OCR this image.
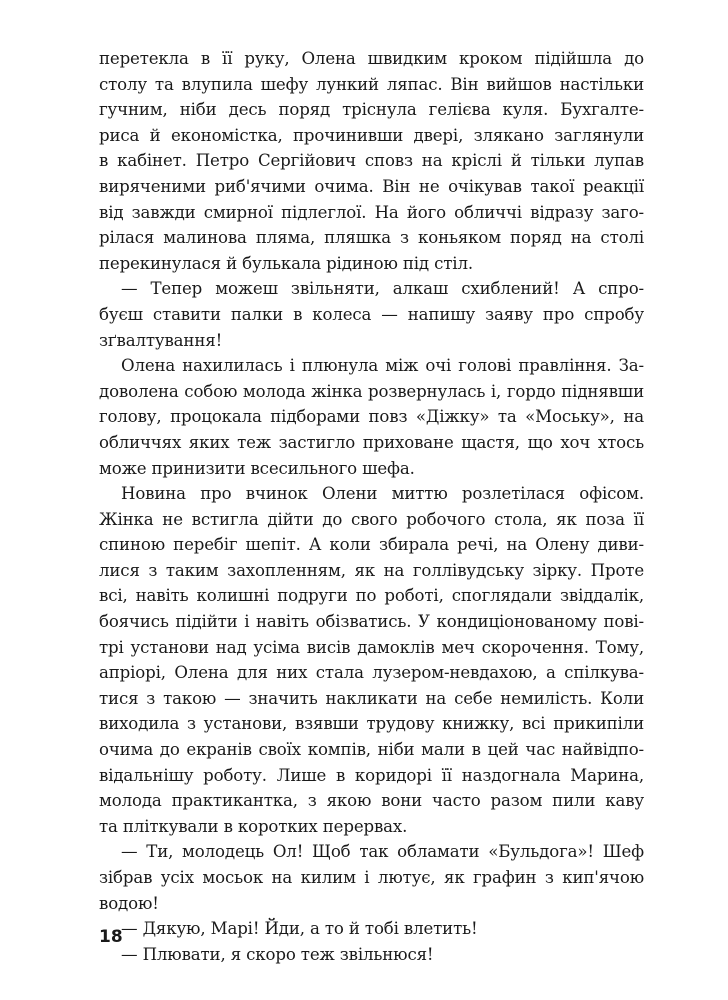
перетекла в її руку, Олена швидким кроком підійшла до
столу та влупила шефу лункий ляпас. Він вийшов настільки
гучним, ніби десь поряд тріснула гелієва куля. Бухгалте-
риса й економістка, прочинивши двері, злякано заглянули
в кабінет. Петро Сергійович сповз на кріслі й тільки лупав
виряченими риб'ячими очима. Він не очікував такої реакції
від завжди смирної підлеглої. На його обличчі відразу заго-
рілася малинова пляма, пляшка з коньяком поряд на столі
перекинулася й булькала рідиною під стіл.
— Тепер можеш звільняти, алкаш схиблений! А спро-
буєш ставити палки в колеса — напишу заяву про спробу
зґвалтування!
Олена нахилилась і плюнула між очі голові правління. За-
доволена собою молода жінка розвернулась і, гордо піднявши
голову, процокала підборами повз «Діжку» та «Моську», на
обличчях яких теж застигло приховане щастя, що хоч хтось
може принизити всесильного шефа.
Новина про вчинок Олени миттю розлетілася офісом.
Жінка не встигла дійти до свого робочого стола, як поза її
спиною перебіг шепіт. А коли збирала речі, на Олену диви-
лися з таким захопленням, як на голлівудську зірку. Проте
всі, навіть колишні подруги по роботі, споглядали звіддалік,
боячись підійти і навіть обізватись. У кондиціонованому пові-
трі установи над усіма висів дамоклів меч скорочення. Тому,
апріорі, Олена для них стала лузером-невдахою, а спілкува-
тися з такою — значить накликати на себе немилість. Коли
виходила з установи, взявши трудову книжку, всі прикипіли
очима до екранів своїх компів, ніби мали в цей час найвідпо-
відальнішу роботу. Лише в коридорі її наздогнала Марина,
молода практикантка, з якою вони часто разом пили каву
та пліткували в коротких перервах.
— Ти, молодець Ол! Щоб так обламати «Бульдога»! Шеф
зібрав усіх мосьок на килим і лютує, як графин з кип'ячою
водою!
— Дякую, Марі! Йди, а то й тобі влетить!
— Плювати, я скоро теж звільнюся!
18
